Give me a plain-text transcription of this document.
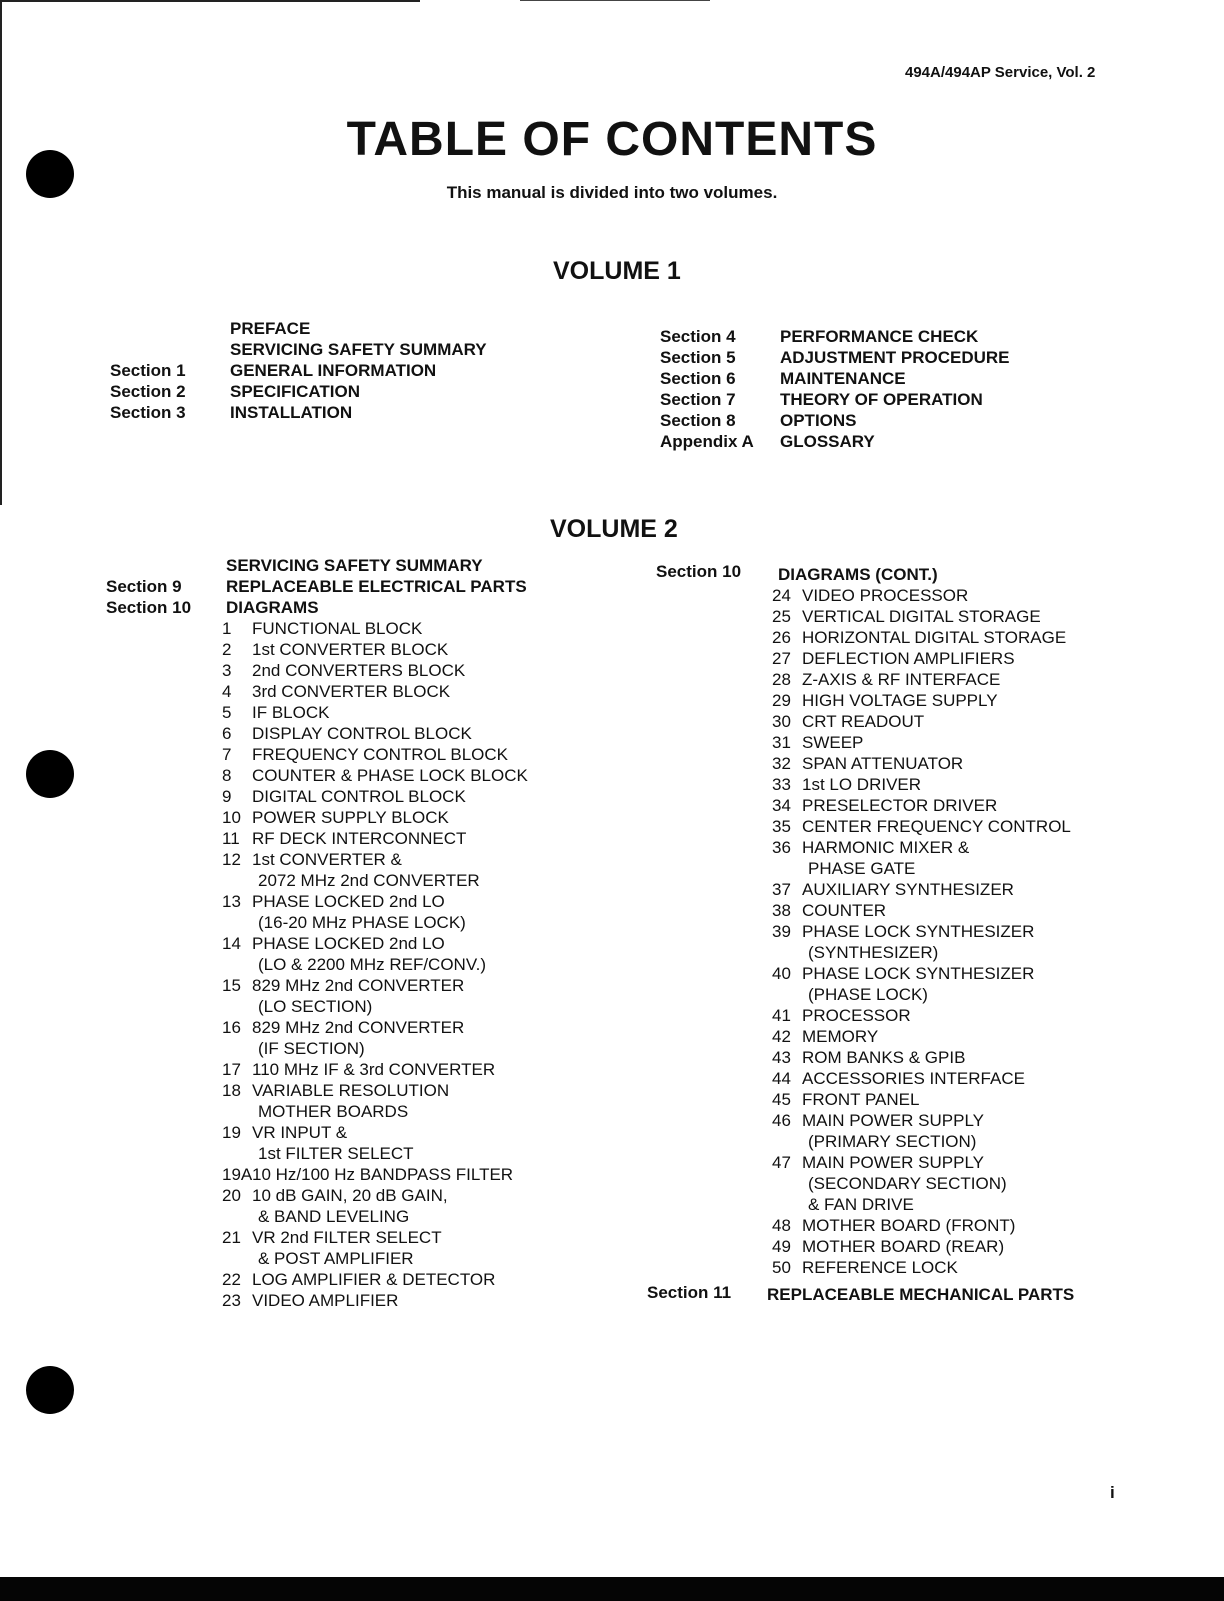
494A/494AP Service, Vol. 2
TABLE OF CONTENTS
This manual is divided into two volumes.
VOLUME 1
PREFACE
SERVICING SAFETY SUMMARY
Section 1	GENERAL INFORMATION
Section 2	SPECIFICATION
Section 3	INSTALLATION
Section 4	PERFORMANCE CHECK
Section 5	ADJUSTMENT PROCEDURE
Section 6	MAINTENANCE
Section 7	THEORY OF OPERATION
Section 8	OPTIONS
Appendix A	GLOSSARY
VOLUME 2
SERVICING SAFETY SUMMARY
Section 9	REPLACEABLE ELECTRICAL PARTS
Section 10	DIAGRAMS
1	FUNCTIONAL BLOCK
2	1st CONVERTER BLOCK
3	2nd CONVERTERS BLOCK
4	3rd CONVERTER BLOCK
5	IF BLOCK
6	DISPLAY CONTROL BLOCK
7	FREQUENCY CONTROL BLOCK
8	COUNTER & PHASE LOCK BLOCK
9	DIGITAL CONTROL BLOCK
10 POWER SUPPLY BLOCK
11 RF DECK INTERCONNECT
12 1st CONVERTER &
2072 MHz 2nd CONVERTER
13 PHASE LOCKED 2nd LO
(16-20 MHz PHASE LOCK)
14 PHASE LOCKED 2nd LO
(LO & 2200 MHz REF/CONV.)
15 829 MHz 2nd CONVERTER
(LO SECTION)
16 829 MHz 2nd CONVERTER
(IF SECTION)
17 110 MHz IF & 3rd CONVERTER
18 VARIABLE RESOLUTION
MOTHER BOARDS
19 VR INPUT &
1st FILTER SELECT
19A 10 Hz/100 Hz BANDPASS FILTER
20 10 dB GAIN, 20 dB GAIN,
& BAND LEVELING
21 VR 2nd FILTER SELECT
& POST AMPLIFIER
22 LOG AMPLIFIER & DETECTOR
23 VIDEO AMPLIFIER
Section 10 DIAGRAMS (CONT.)
24 VIDEO PROCESSOR
25 VERTICAL DIGITAL STORAGE
26 HORIZONTAL DIGITAL STORAGE
27 DEFLECTION AMPLIFIERS
28 Z-AXIS & RF INTERFACE
29 HIGH VOLTAGE SUPPLY
30 CRT READOUT
31 SWEEP
32 SPAN ATTENUATOR
33 1st LO DRIVER
34 PRESELECTOR DRIVER
35 CENTER FREQUENCY CONTROL
36 HARMONIC MIXER &
PHASE GATE
37 AUXILIARY SYNTHESIZER
38 COUNTER
39 PHASE LOCK SYNTHESIZER
(SYNTHESIZER)
40 PHASE LOCK SYNTHESIZER
(PHASE LOCK)
41 PROCESSOR
42 MEMORY
43 ROM BANKS & GPIB
44 ACCESSORIES INTERFACE
45 FRONT PANEL
46 MAIN POWER SUPPLY
(PRIMARY SECTION)
47 MAIN POWER SUPPLY
(SECONDARY SECTION)
& FAN DRIVE
48 MOTHER BOARD (FRONT)
49 MOTHER BOARD (REAR)
50 REFERENCE LOCK
Section 11 REPLACEABLE MECHANICAL PARTS
i
